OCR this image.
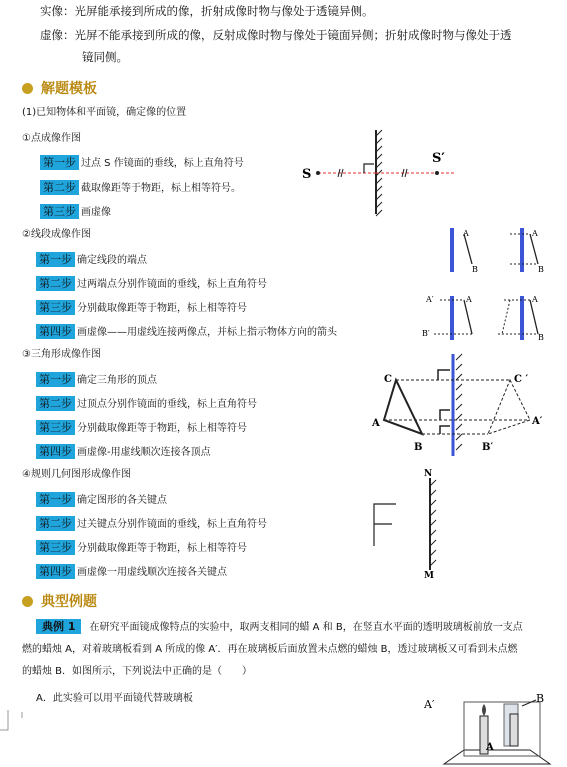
实像：光屏能承接到所成的像，折射成像时物与像处于透镜异侧。
虚像：光屏不能承接到所成的像，反射成像时物与像处于镜面异侧；折射成像时物与像处于透
镜同侧。
解题模板
(1)已知物体和平面镜，确定像的位置
①点成像作图
第一步 过点 S 作镜面的垂线，标上直角符号
第二步 截取像距等于物距，标上相等符号。
第三步 画虚像
②线段成像作图
第一步 确定线段的端点
第二步 过两端点分别作镜面的垂线，标上直角符号
第三步 分别截取像距等于物距，标上相等符号
第四步 画虚像——用虚线连接两像点，并标上指示物体方向的箭头
③三角形成像作图
第一步 确定三角形的顶点
第二步 过顶点分别作镜面的垂线，标上直角符号
第三步 分别截取像距等于物距，标上相等符号
第四步 画虚像-用虚线顺次连接各顶点
④规则几何图形成像作图
第一步 确定图形的各关键点
第二步 过关键点分别作镜面的垂线，标上直角符号
第三步 分别截取像距等于物距，标上相等符号
第四步 画虚像一用虚线顺次连接各关键点
典型例题
典例 1 在研究平面镜成像特点的实验中，取两支相同的蜡 A 和 B，在竖直水平面的透明玻璃板前放一支点
燃的蜡烛 A，对着玻璃板看到 A 所成的像 A′．再在玻璃板后面放置未点燃的蜡烛 B，透过玻璃板又可看到未点燃
的蜡烛 B．如图所示，下列说法中正确的是（　　）
A．此实验可以用平面镜代替玻璃板
S
S′
A
B
A
B
A′
B′
A	A
B
C
A
B
C ′
A′
B′
N
M
A′	B
A
